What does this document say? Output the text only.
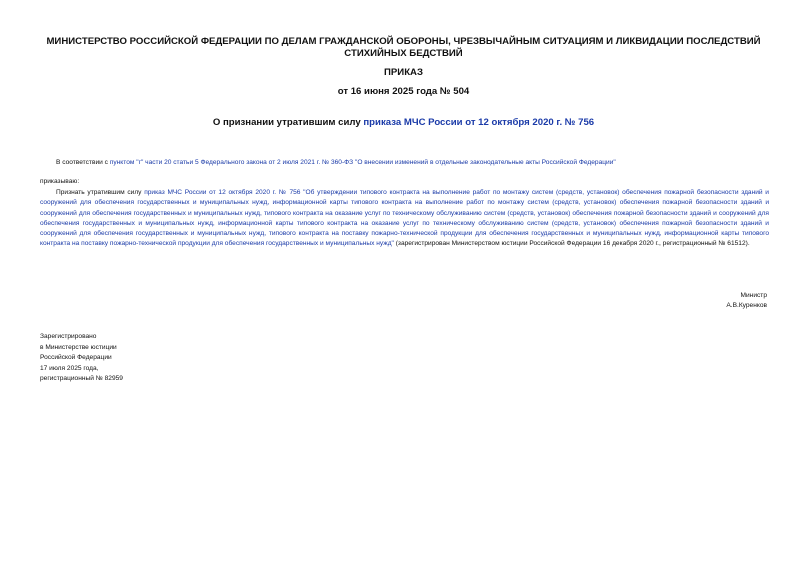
МИНИСТЕРСТВО РОССИЙСКОЙ ФЕДЕРАЦИИ ПО ДЕЛАМ ГРАЖДАНСКОЙ ОБОРОНЫ, ЧРЕЗВЫЧАЙНЫМ СИТУАЦИЯМ И ЛИКВИДАЦИИ ПОСЛЕДСТВИЙ СТИХИЙНЫХ БЕДСТВИЙ
ПРИКАЗ
от 16 июня 2025 года № 504
О признании утратившим силу приказа МЧС России от 12 октября 2020 г. № 756
В соответствии с пунктом "г" части 20 статьи 5 Федерального закона от 2 июля 2021 г. № 360-ФЗ "О внесении изменений в отдельные законодательные акты Российской Федерации"
приказываю:
Признать утратившим силу приказ МЧС России от 12 октября 2020 г. № 756 "Об утверждении типового контракта на выполнение работ по монтажу систем (средств, установок) обеспечения пожарной безопасности зданий и сооружений для обеспечения государственных и муниципальных нужд, информационной карты типового контракта на выполнение работ по монтажу систем (средств, установок) обеспечения пожарной безопасности зданий и сооружений для обеспечения государственных и муниципальных нужд, типового контракта на оказание услуг по техническому обслуживанию систем (средств, установок) обеспечения пожарной безопасности зданий и сооружений для обеспечения государственных и муниципальных нужд, информационной карты типового контракта на оказание услуг по техническому обслуживанию систем (средств, установок) обеспечения пожарной безопасности зданий и сооружений для обеспечения государственных и муниципальных нужд, типового контракта на поставку пожарно-технической продукции для обеспечения государственных и муниципальных нужд, информационной карты типового контракта на поставку пожарно-технической продукции для обеспечения государственных и муниципальных нужд" (зарегистрирован Министерством юстиции Российской Федерации 16 декабря 2020 г., регистрационный № 61512).
Министр
А.В.Куренков
Зарегистрировано
в Министерстве юстиции
Российской Федерации
17 июля 2025 года,
регистрационный № 82959
